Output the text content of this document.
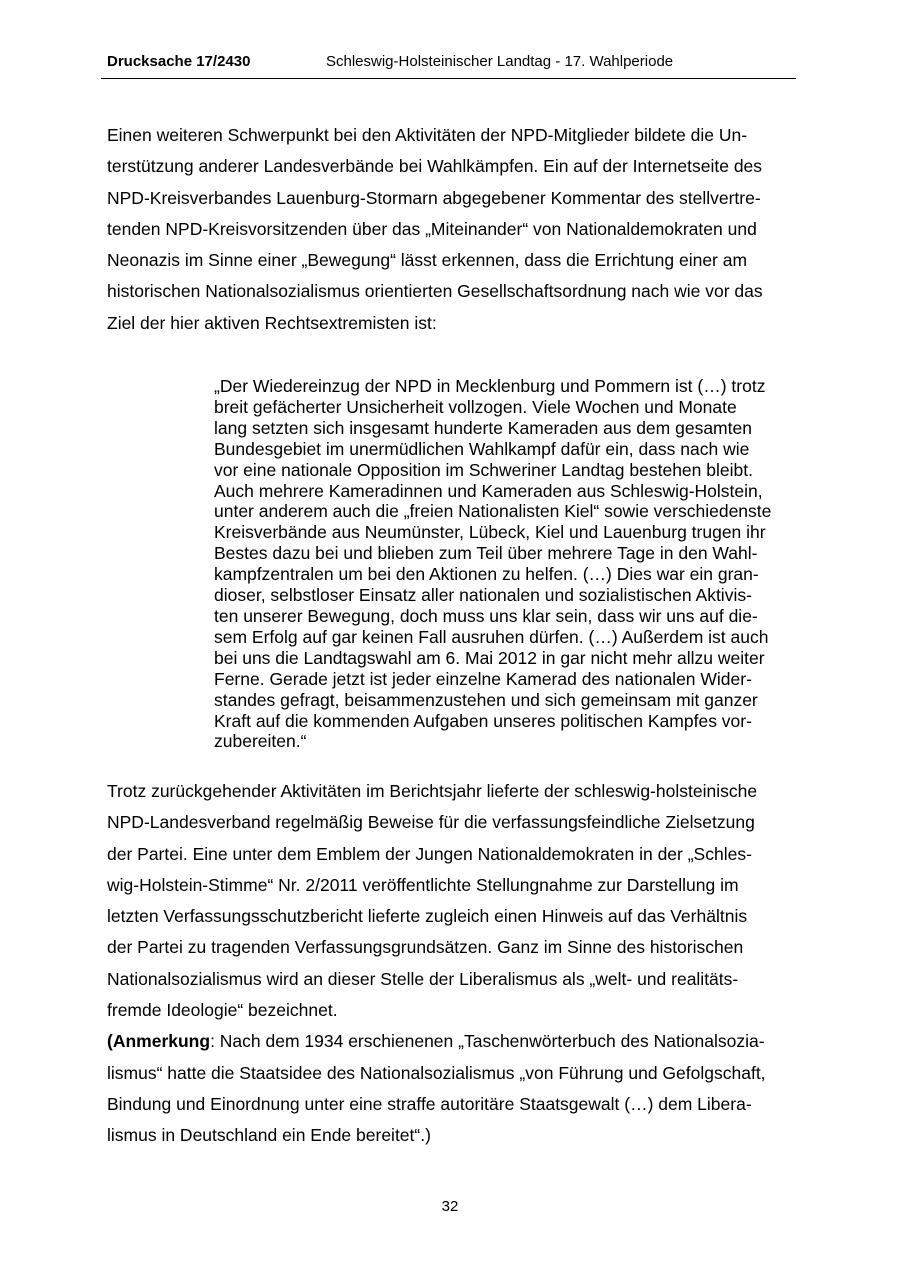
Drucksache 17/2430	Schleswig-Holsteinischer Landtag - 17. Wahlperiode
Einen weiteren Schwerpunkt bei den Aktivitäten der NPD-Mitglieder bildete die Un-
terstützung anderer Landesverbände bei Wahlkämpfen. Ein auf der Internetseite des
NPD-Kreisverbandes Lauenburg-Stormarn abgegebener Kommentar des stellvertre-
tenden NPD-Kreisvorsitzenden über das „Miteinander“ von Nationaldemokraten und
Neonazis im Sinne einer „Bewegung“ lässt erkennen, dass die Errichtung einer am
historischen Nationalsozialismus orientierten Gesellschaftsordnung nach wie vor das
Ziel der hier aktiven Rechtsextremisten ist:
„Der Wiedereinzug der NPD in Mecklenburg und Pommern ist (…) trotz
breit gefächerter Unsicherheit vollzogen. Viele Wochen und Monate
lang setzten sich insgesamt hunderte Kameraden aus dem gesamten
Bundesgebiet im unermüdlichen Wahlkampf dafür ein, dass nach wie
vor eine nationale Opposition im Schweriner Landtag bestehen bleibt.
Auch mehrere Kameradinnen und Kameraden aus Schleswig-Holstein,
unter anderem auch die „freien Nationalisten Kiel“ sowie verschiedenste
Kreisverbände aus Neumünster, Lübeck, Kiel und Lauenburg trugen ihr
Bestes dazu bei und blieben zum Teil über mehrere Tage in den Wahl-
kampfzentralen um bei den Aktionen zu helfen. (…) Dies war ein gran-
dioser, selbstloser Einsatz aller nationalen und sozialistischen Aktivis-
ten unserer Bewegung, doch muss uns klar sein, dass wir uns auf die-
sem Erfolg auf gar keinen Fall ausruhen dürfen. (…) Außerdem ist auch
bei uns die Landtagswahl am 6. Mai 2012 in gar nicht mehr allzu weiter
Ferne. Gerade jetzt ist jeder einzelne Kamerad des nationalen Wider-
standes gefragt, beisammenzustehen und sich gemeinsam mit ganzer
Kraft auf die kommenden Aufgaben unseres politischen Kampfes vor-
zubereiten.“
Trotz zurückgehender Aktivitäten im Berichtsjahr lieferte der schleswig-holsteinische
NPD-Landesverband regelmäßig Beweise für die verfassungsfeindliche Zielsetzung
der Partei. Eine unter dem Emblem der Jungen Nationaldemokraten in der „Schles-
wig-Holstein-Stimme“ Nr. 2/2011 veröffentlichte Stellungnahme zur Darstellung im
letzten Verfassungsschutzbericht lieferte zugleich einen Hinweis auf das Verhältnis
der Partei zu tragenden Verfassungsgrundsätzen. Ganz im Sinne des historischen
Nationalsozialismus wird an dieser Stelle der Liberalismus als „welt- und realitäts-
fremde Ideologie“ bezeichnet.
(Anmerkung: Nach dem 1934 erschienenen „Taschenwörterbuch des Nationalsozia-
lismus“ hatte die Staatsidee des Nationalsozialismus „von Führung und Gefolgschaft,
Bindung und Einordnung unter eine straffe autoritäre Staatsgewalt (…) dem Libera-
lismus in Deutschland ein Ende bereitet“.)
32
